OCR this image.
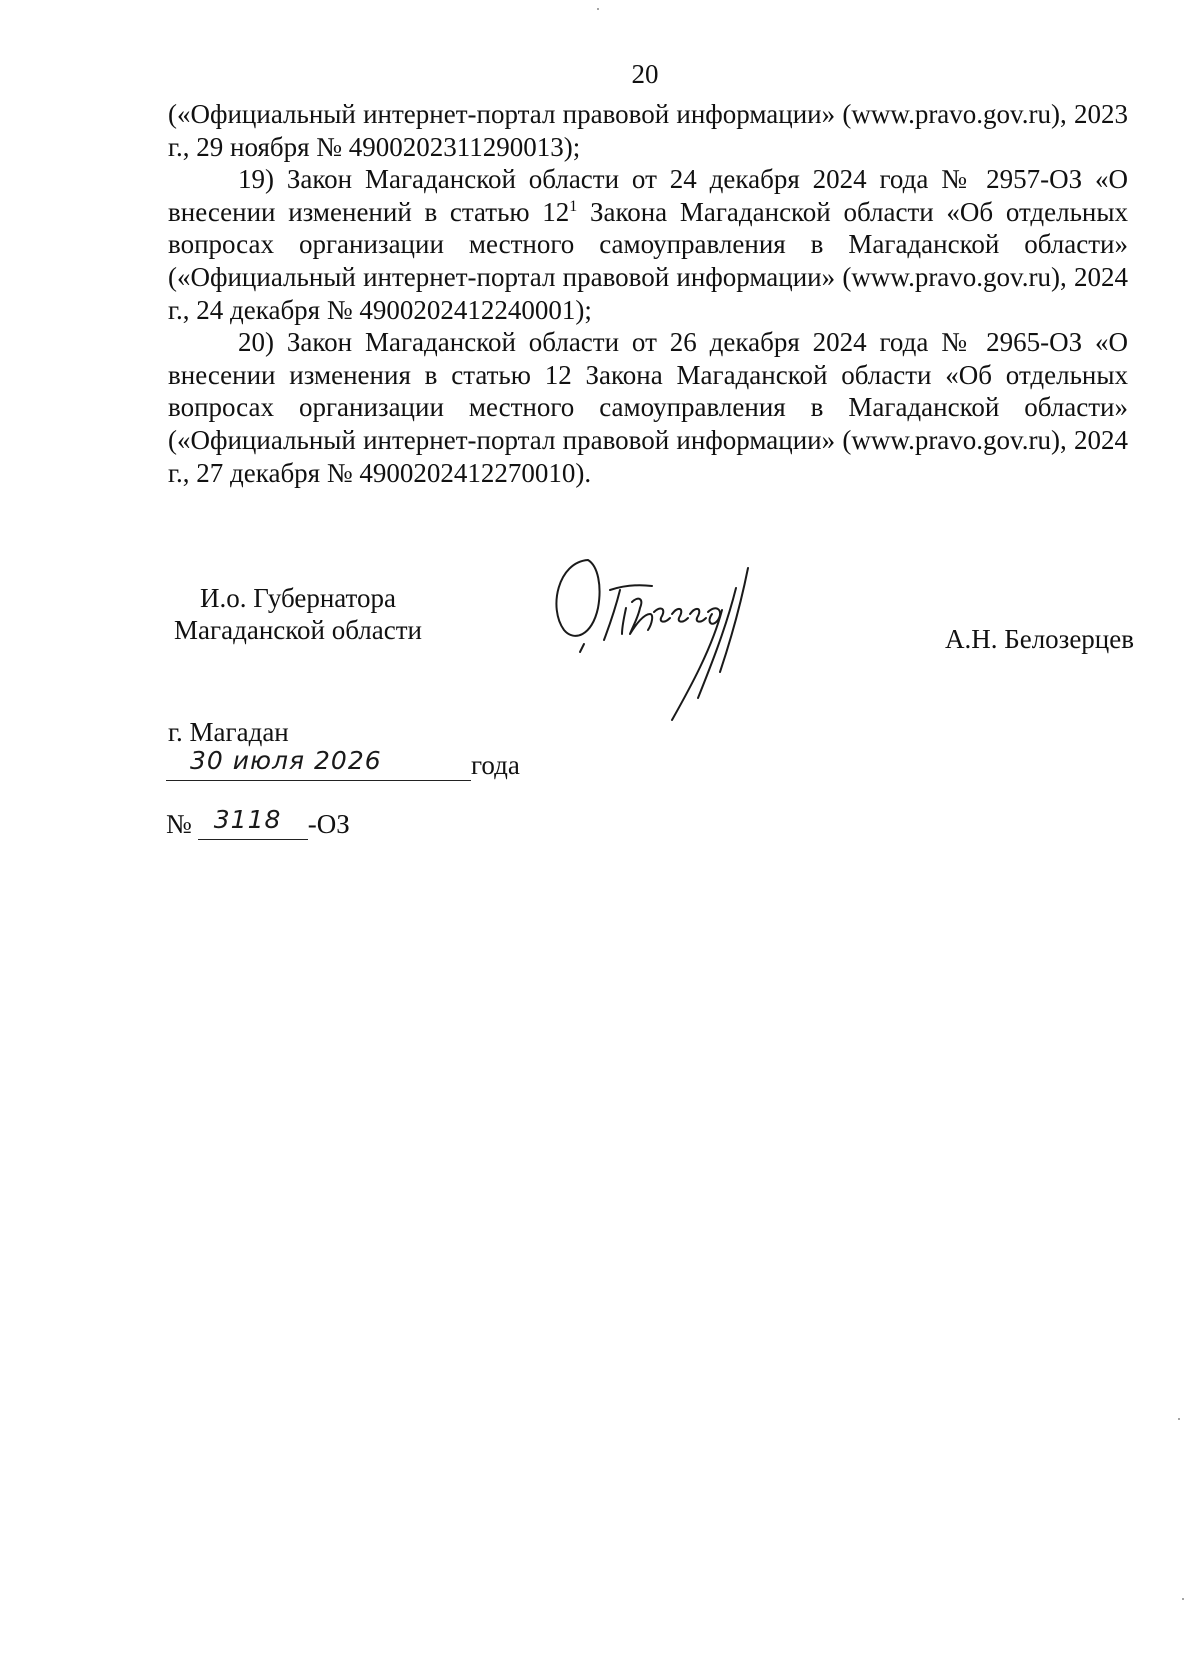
20

(«Официальный интернет-портал правовой информации» (www.pravo.gov.ru), 2023 г., 29 ноября № 4900202311290013);

19) Закон Магаданской области от 24 декабря 2024 года № 2957-ОЗ «О внесении изменений в статью $12^1$ Закона Магаданской области «Об отдельных вопросах организации местного самоуправления в Магаданской области» («Официальный интернет-портал правовой информации» (www.pravo.gov.ru), 2024 г., 24 декабря № 4900202412240001);

20) Закон Магаданской области от 26 декабря 2024 года № 2965-ОЗ «О внесении изменения в статью 12 Закона Магаданской области «Об отдельных вопросах организации местного самоуправления в Магаданской области» («Официальный интернет-портал правовой информации» (www.pravo.gov.ru), 2024 г., 27 декабря № 4900202412270010).

И.о. Губернатора
Магаданской области	А.Н. Белозерцев
г. Магадан
30 июля 2026	года
№ 3118 -ОЗ
